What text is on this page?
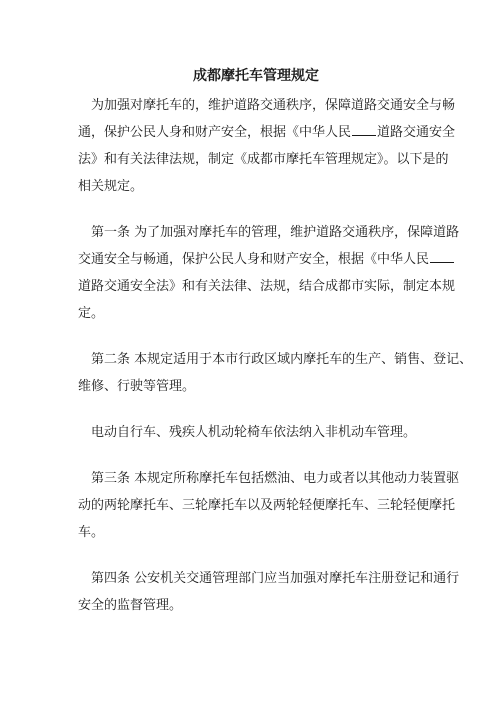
成都摩托车管理规定
为加强对摩托车的，维护道路交通秩序，保障道路交通安全与畅
通，保护公民人身和财产安全，根据《中华人民 道路交通安全
法》和有关法律法规，制定《成都市摩托车管理规定》。以下是的
相关规定。
第一条 为了加强对摩托车的管理，维护道路交通秩序，保障道路
交通安全与畅通，保护公民人身和财产安全，根据《中华人民
道路交通安全法》和有关法律、法规，结合成都市实际，制定本规
定。
第二条 本规定适用于本市行政区域内摩托车的生产、销售、登记、
维修、行驶等管理。
电动自行车、残疾人机动轮椅车依法纳入非机动车管理。
第三条 本规定所称摩托车包括燃油、电力或者以其他动力装置驱
动的两轮摩托车、三轮摩托车以及两轮轻便摩托车、三轮轻便摩托
车。
第四条 公安机关交通管理部门应当加强对摩托车注册登记和通行
安全的监督管理。
